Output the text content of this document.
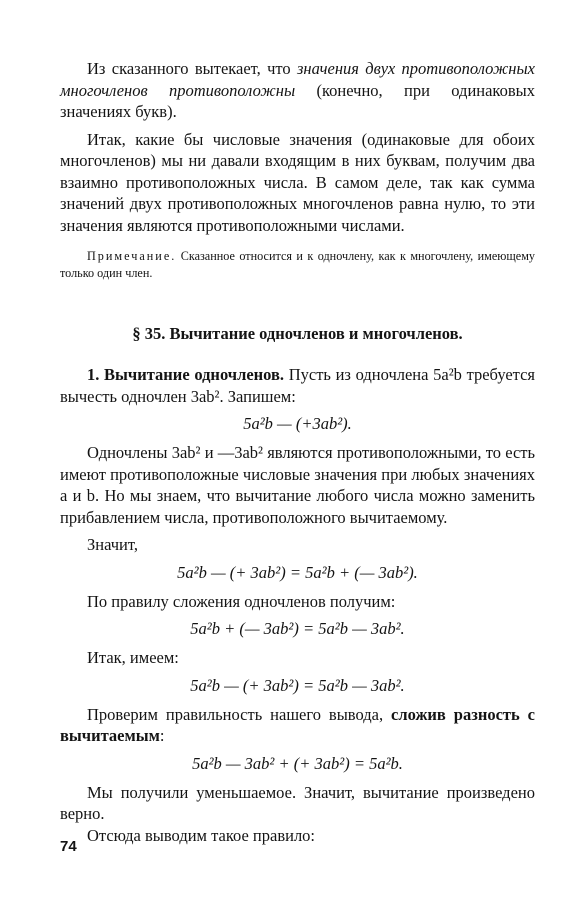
Из сказанного вытекает, что значения двух противоположных многочленов противоположны (конечно, при одинаковых значениях букв).

Итак, какие бы числовые значения (одинаковые для обоих многочленов) мы ни давали входящим в них буквам, получим два взаимно противоположных числа. В самом деле, так как сумма значений двух противоположных многочленов равна нулю, то эти значения являются противоположными числами.

Примечание. Сказанное относится и к одночлену, как к многочлену, имеющему только один член.

§ 35. Вычитание одночленов и многочленов.

1. Вычитание одночленов. Пусть из одночлена 5a²b требуется вычесть одночлен 3ab². Запишем:

5a²b — (+3ab²).

Одночлены 3ab² и —3ab² являются противоположными, то есть имеют противоположные числовые значения при любых значениях a и b. Но мы знаем, что вычитание любого числа можно заменить прибавлением числа, противоположного вычитаемому.

Значит,

5a²b — (+ 3ab²) = 5a²b + (— 3ab²).

По правилу сложения одночленов получим:

5a²b + (— 3ab²) = 5a²b — 3ab².

Итак, имеем:

5a²b — (+ 3ab²) = 5a²b — 3ab².

Проверим правильность нашего вывода, сложив разность с вычитаемым:

5a²b — 3ab² + (+ 3ab²) = 5a²b.

Мы получили уменьшаемое. Значит, вычитание произведено верно.

Отсюда выводим такое правило:

74
